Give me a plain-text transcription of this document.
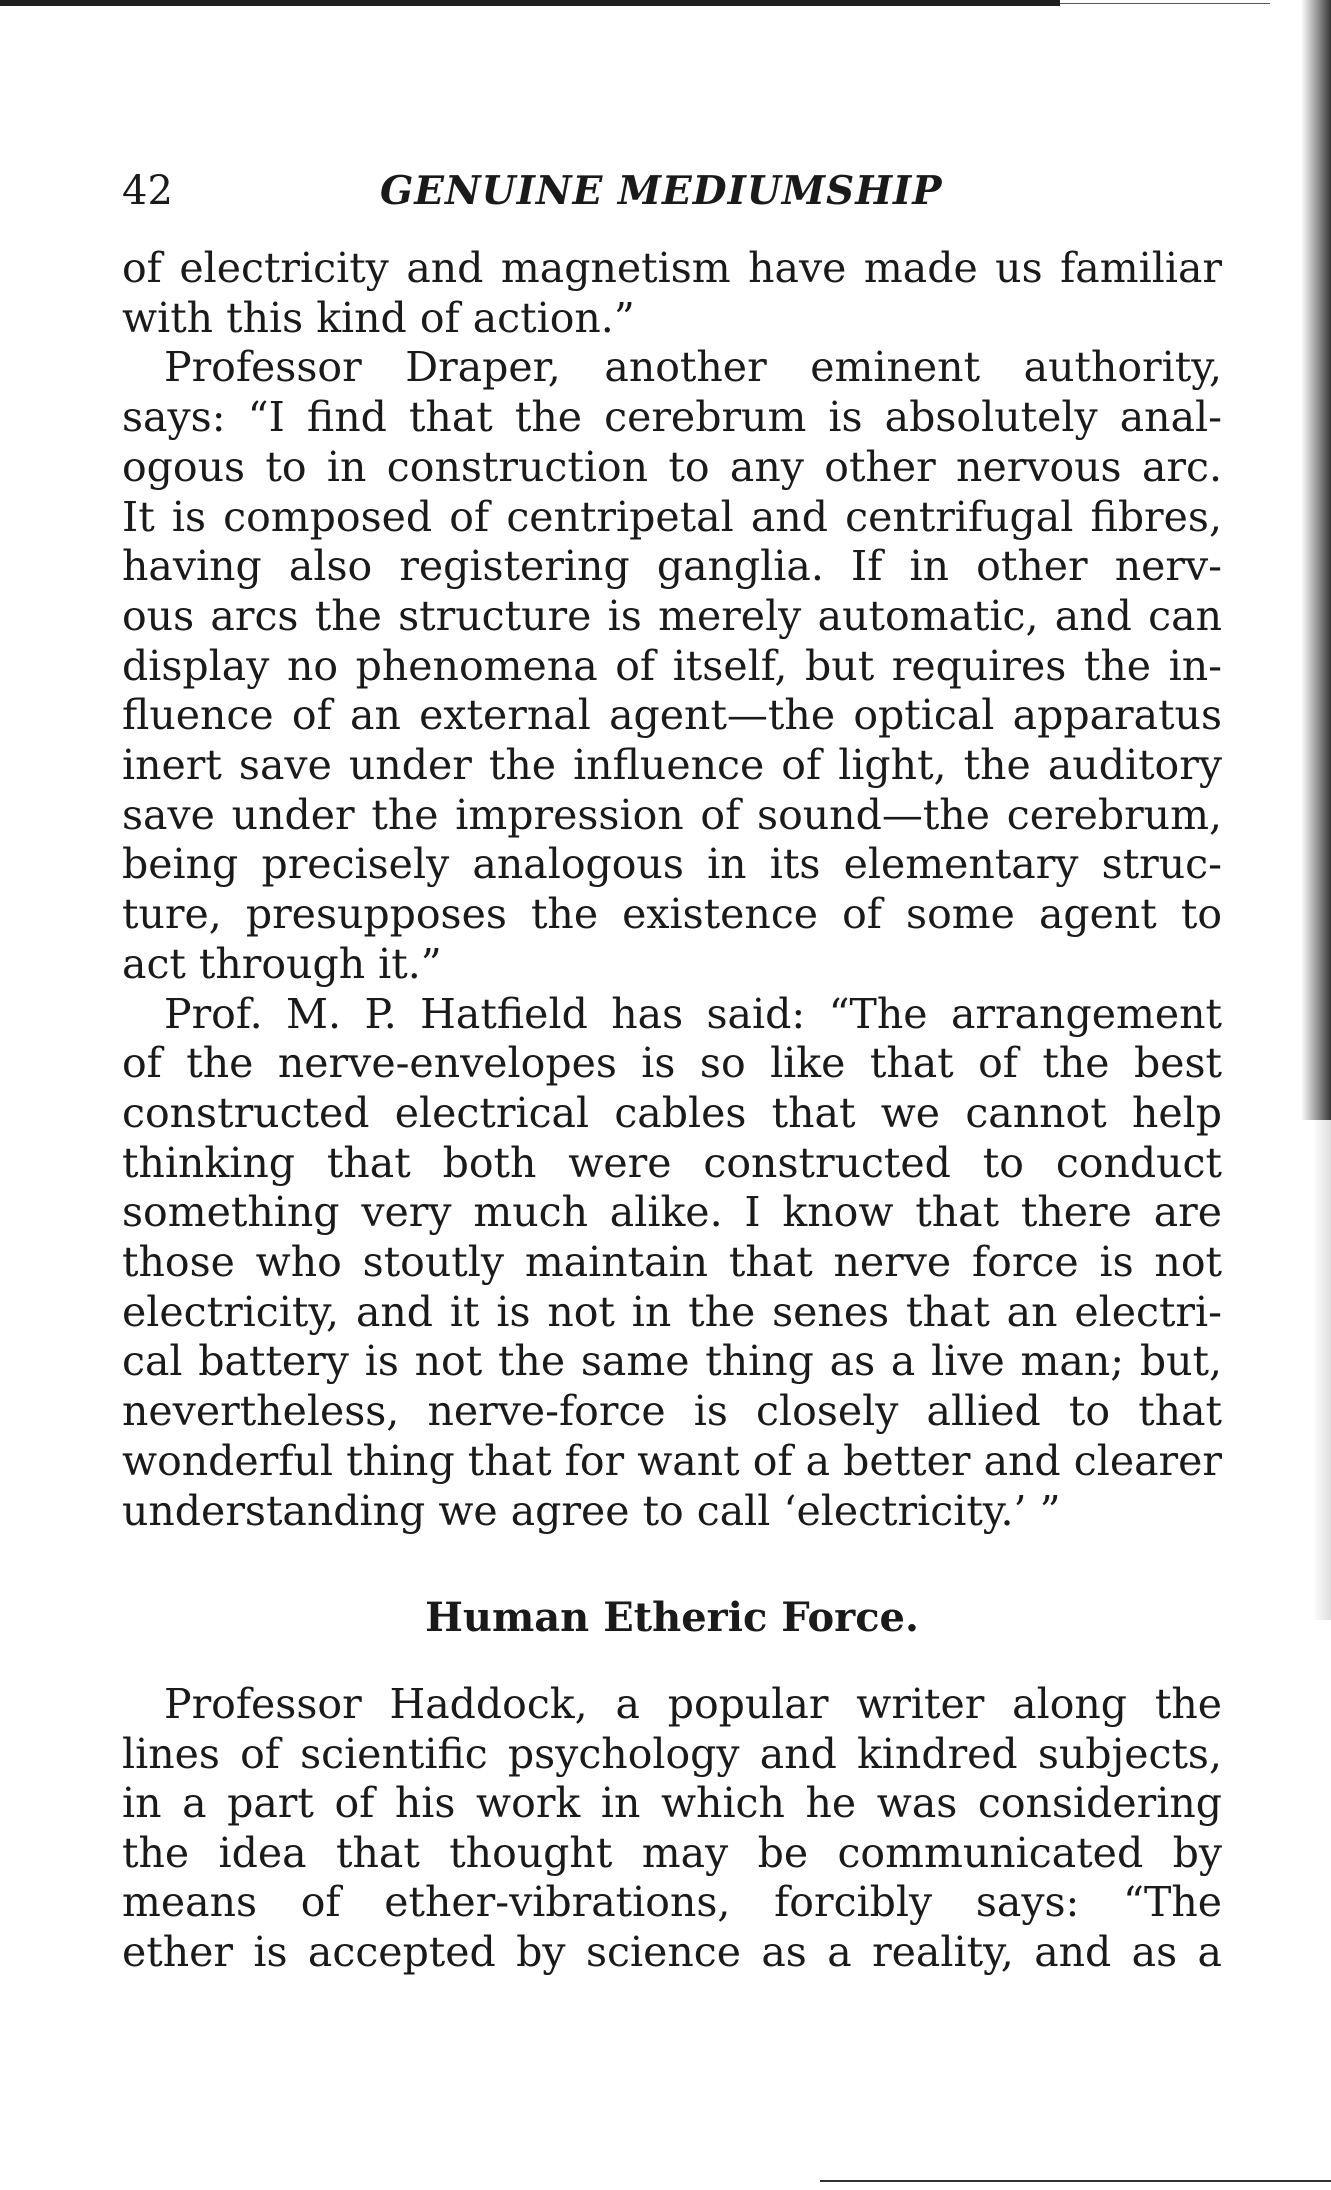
42	GENUINE MEDIUMSHIP
of electricity and magnetism have made us familiar
with this kind of action.”
Professor Draper, another eminent authority,
says: “I find that the cerebrum is absolutely anal-
ogous to in construction to any other nervous arc.
It is composed of centripetal and centrifugal fibres,
having also registering ganglia. If in other nerv-
ous arcs the structure is merely automatic, and can
display no phenomena of itself, but requires the in-
fluence of an external agent—the optical apparatus
inert save under the influence of light, the auditory
save under the impression of sound—the cerebrum,
being precisely analogous in its elementary struc-
ture, presupposes the existence of some agent to
act through it.”
Prof. M. P. Hatfield has said: “The arrangement
of the nerve-envelopes is so like that of the best
constructed electrical cables that we cannot help
thinking that both were constructed to conduct
something very much alike. I know that there are
those who stoutly maintain that nerve force is not
electricity, and it is not in the senes that an electri-
cal battery is not the same thing as a live man; but,
nevertheless, nerve-force is closely allied to that
wonderful thing that for want of a better and clearer
understanding we agree to call ‘electricity.’ ”
Human Etheric Force.
Professor Haddock, a popular writer along the
lines of scientific psychology and kindred subjects,
in a part of his work in which he was considering
the idea that thought may be communicated by
means of ether-vibrations, forcibly says: “The
ether is accepted by science as a reality, and as a
